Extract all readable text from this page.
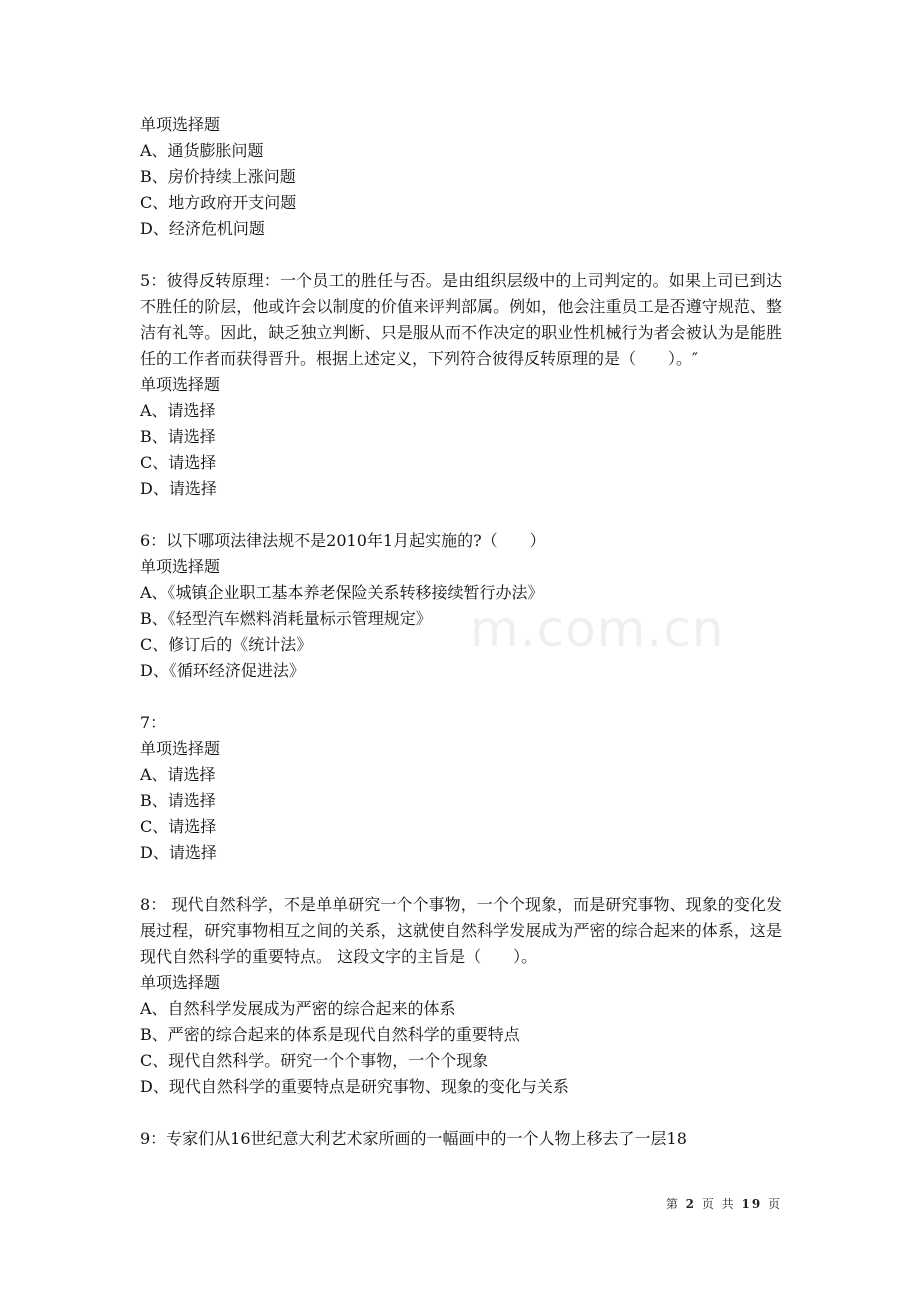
m.com.cn
单项选择题
A、通货膨胀问题
B、房价持续上涨问题
C、地方政府开支问题
D、经济危机问题
5：彼得反转原理：一个员工的胜任与否。是由组织层级中的上司判定的。如果上司已到达不胜任的阶层，他或许会以制度的价值来评判部属。例如，他会注重员工是否遵守规范、整洁有礼等。因此，缺乏独立判断、只是服从而不作决定的职业性机械行为者会被认为是能胜任的工作者而获得晋升。根据上述定义，下列符合彼得反转原理的是（　　）。″
单项选择题
A、请选择
B、请选择
C、请选择
D、请选择
6：以下哪项法律法规不是2010年1月起实施的?（　　）
单项选择题
A、《城镇企业职工基本养老保险关系转移接续暂行办法》
B、《轻型汽车燃料消耗量标示管理规定》
C、修订后的《统计法》
D、《循环经济促进法》
7：
单项选择题
A、请选择
B、请选择
C、请选择
D、请选择
8： 现代自然科学，不是单单研究一个个事物，一个个现象，而是研究事物、现象的变化发展过程，研究事物相互之间的关系，这就使自然科学发展成为严密的综合起来的体系，这是现代自然科学的重要特点。 这段文字的主旨是（　　）。
单项选择题
A、自然科学发展成为严密的综合起来的体系
B、严密的综合起来的体系是现代自然科学的重要特点
C、现代自然科学。研究一个个事物，一个个现象
D、现代自然科学的重要特点是研究事物、现象的变化与关系
9：专家们从16世纪意大利艺术家所画的一幅画中的一个人物上移去了一层18
第 2 页 共 19 页
